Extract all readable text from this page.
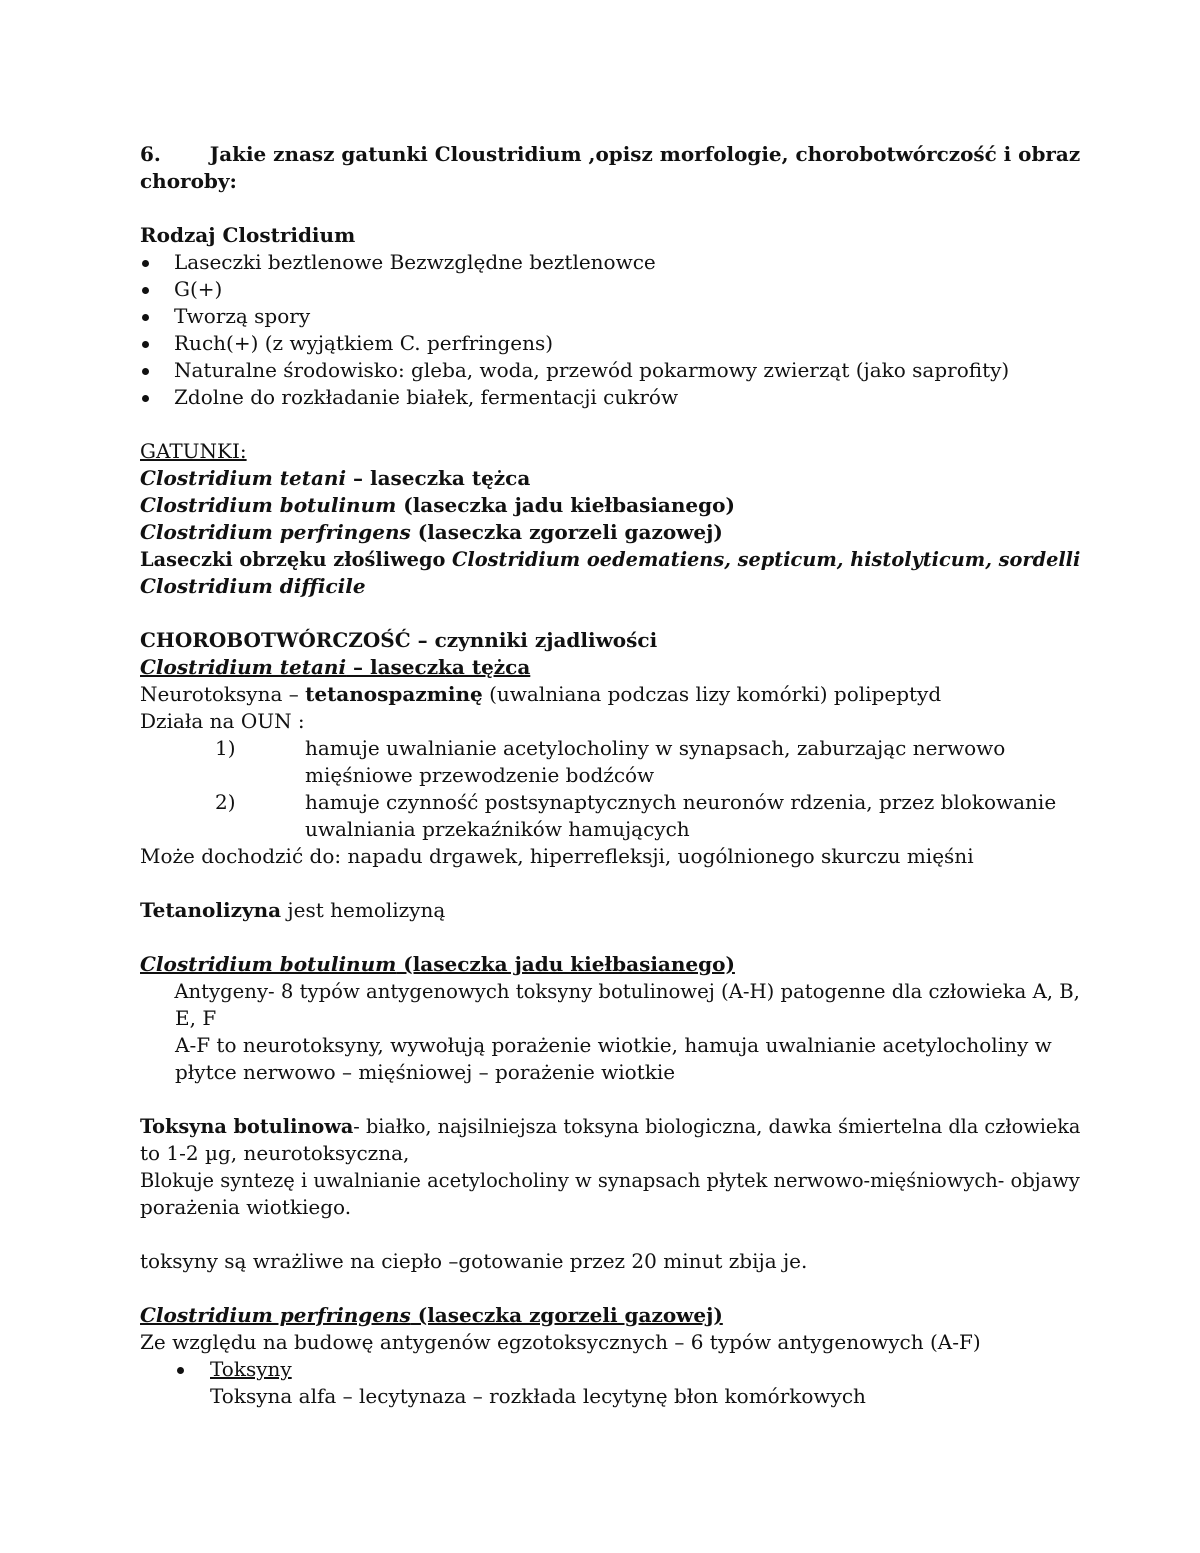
6. Jakie znasz gatunki Cloustridium ,opisz morfologie, chorobotwórczość i obraz
choroby:
Rodzaj Clostridium
Laseczki beztlenowe Bezwzględne beztlenowce
G(+)
Tworzą spory
Ruch(+) (z wyjątkiem C. perfringens)
Naturalne środowisko: gleba, woda, przewód pokarmowy zwierząt (jako saprofity)
Zdolne do rozkładanie białek, fermentacji cukrów
GATUNKI:
Clostridium tetani – laseczka tężca
Clostridium botulinum (laseczka jadu kiełbasianego)
Clostridium perfringens (laseczka zgorzeli gazowej)
Laseczki obrzęku złośliwego Clostridium oedematiens, septicum, histolyticum, sordelli
Clostridium difficile
CHOROBOTWÓRCZOŚĆ – czynniki zjadliwości
Clostridium tetani – laseczka tężca
Neurotoksyna – tetanospazminę (uwalniana podczas lizy komórki) polipeptyd
Działa na OUN :
1)	hamuje uwalnianie acetylocholiny w synapsach, zaburzając nerwowo
mięśniowe przewodzenie bodźców
2)	hamuje czynność postsynaptycznych neuronów rdzenia, przez blokowanie
uwalniania przekaźników hamujących
Może dochodzić do: napadu drgawek, hiperrefleksji, uogólnionego skurczu mięśni
Tetanolizyna jest hemolizyną
Clostridium botulinum (laseczka jadu kiełbasianego)
Antygeny- 8 typów antygenowych toksyny botulinowej (A-H) patogenne dla człowieka A, B,
E, F
A-F to neurotoksyny, wywołują porażenie wiotkie, hamuja uwalnianie acetylocholiny w
płytce nerwowo – mięśniowej – porażenie wiotkie
Toksyna botulinowa- białko, najsilniejsza toksyna biologiczna, dawka śmiertelna dla człowieka
to 1-2 µg, neurotoksyczna,
Blokuje syntezę i uwalnianie acetylocholiny w synapsach płytek nerwowo-mięśniowych- objawy
porażenia wiotkiego.
toksyny są wrażliwe na ciepło –gotowanie przez 20 minut zbija je.
Clostridium perfringens (laseczka zgorzeli gazowej)
Ze względu na budowę antygenów egzotoksycznych – 6 typów antygenowych (A-F)
Toksyny
Toksyna alfa – lecytynaza – rozkłada lecytynę błon komórkowych
